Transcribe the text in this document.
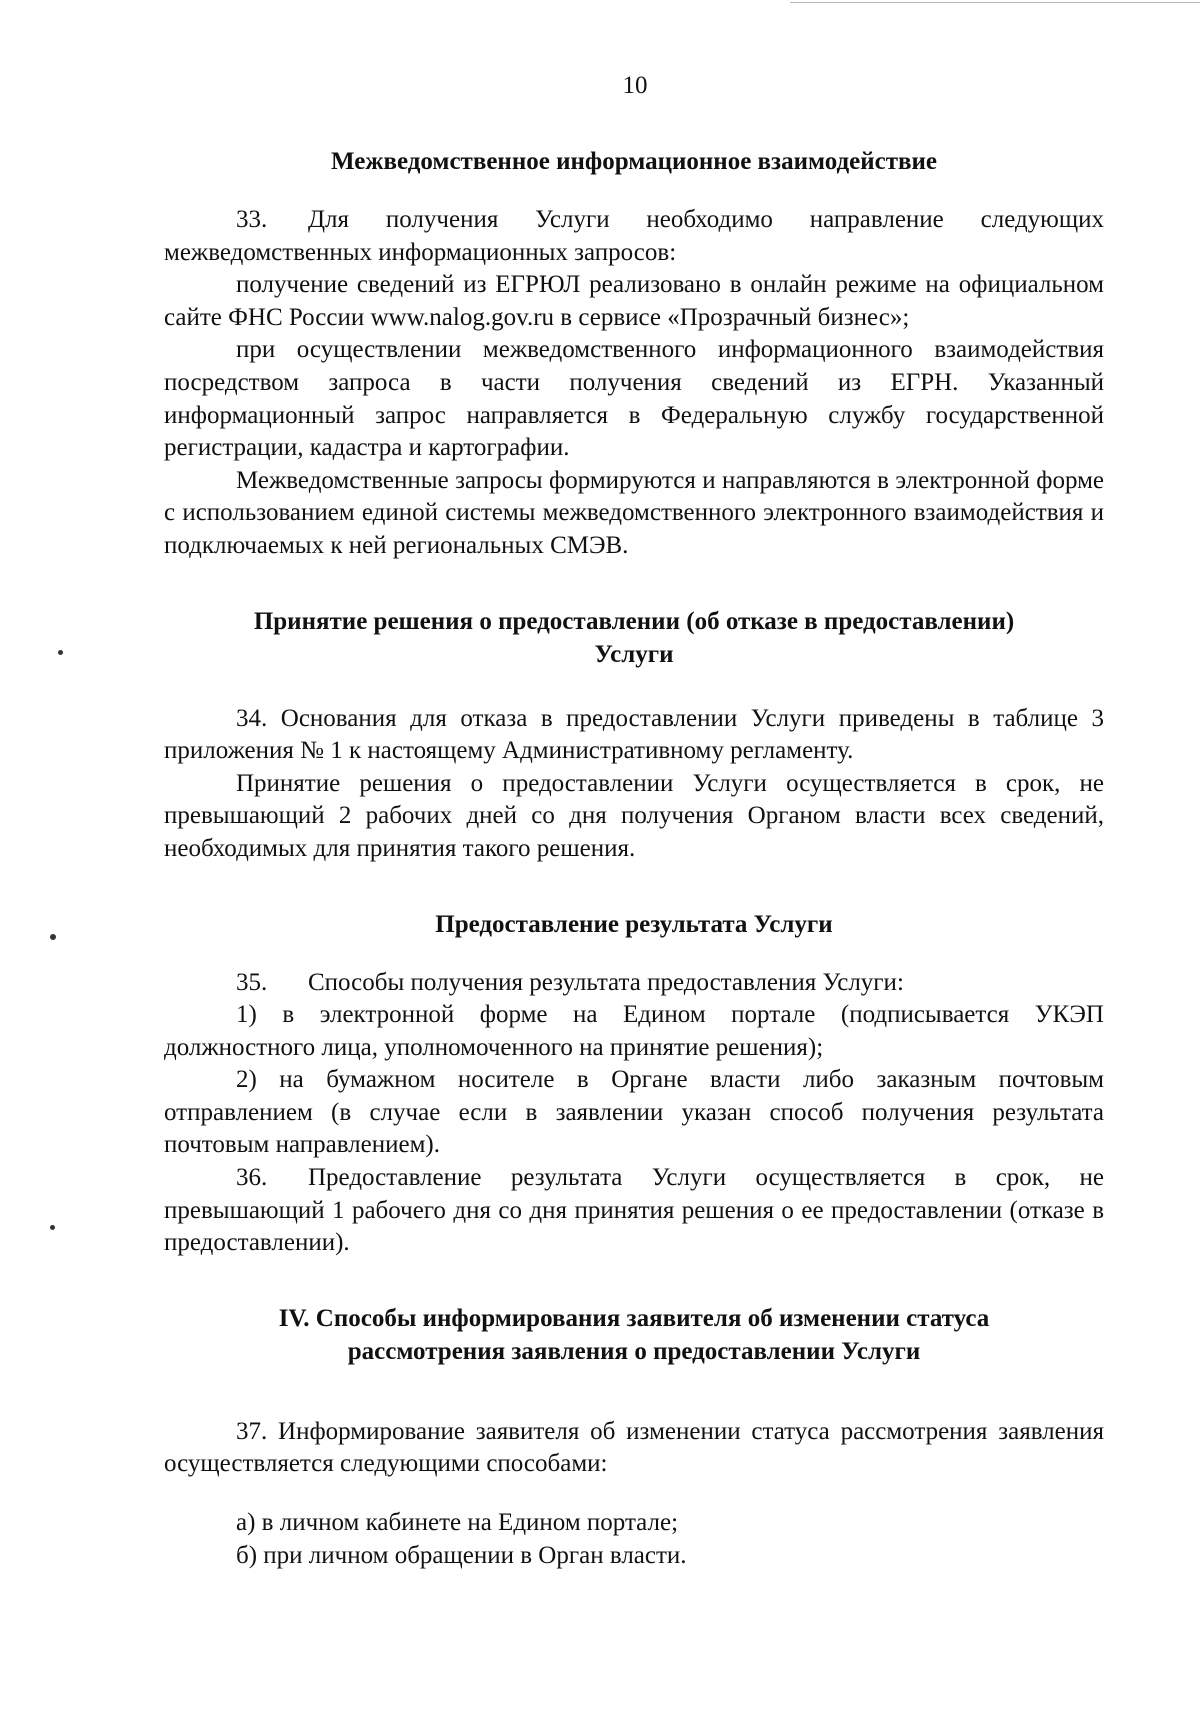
10

Межведомственное информационное взаимодействие

33. Для получения Услуги необходимо направление следующих межведомственных информационных запросов:

получение сведений из ЕГРЮЛ реализовано в онлайн режиме на официальном сайте ФНС России www.nalog.gov.ru в сервисе «Прозрачный бизнес»;

при осуществлении межведомственного информационного взаимодействия посредством запроса в части получения сведений из ЕГРН. Указанный информационный запрос направляется в Федеральную службу государственной регистрации, кадастра и картографии.

Межведомственные запросы формируются и направляются в электронной форме с использованием единой системы межведомственного электронного взаимодействия и подключаемых к ней региональных СМЭВ.

Принятие решения о предоставлении (об отказе в предоставлении)

Услуги

34. Основания для отказа в предоставлении Услуги приведены в таблице 3 приложения № 1 к настоящему Административному регламенту.

Принятие решения о предоставлении Услуги осуществляется в срок, не превышающий 2 рабочих дней со дня получения Органом власти всех сведений, необходимых для принятия такого решения.

Предоставление результата Услуги

35. Способы получения результата предоставления Услуги:

1) в электронной форме на Едином портале (подписывается УКЭП должностного лица, уполномоченного на принятие решения);

2) на бумажном носителе в Органе власти либо заказным почтовым отправлением (в случае если в заявлении указан способ получения результата почтовым направлением).

36. Предоставление результата Услуги осуществляется в срок, не превышающий 1 рабочего дня со дня принятия решения о ее предоставлении (отказе в предоставлении).

IV. Способы информирования заявителя об изменении статуса

рассмотрения заявления о предоставлении Услуги

37. Информирование заявителя об изменении статуса рассмотрения заявления осуществляется следующими способами:

а) в личном кабинете на Едином портале;

б) при личном обращении в Орган власти.
